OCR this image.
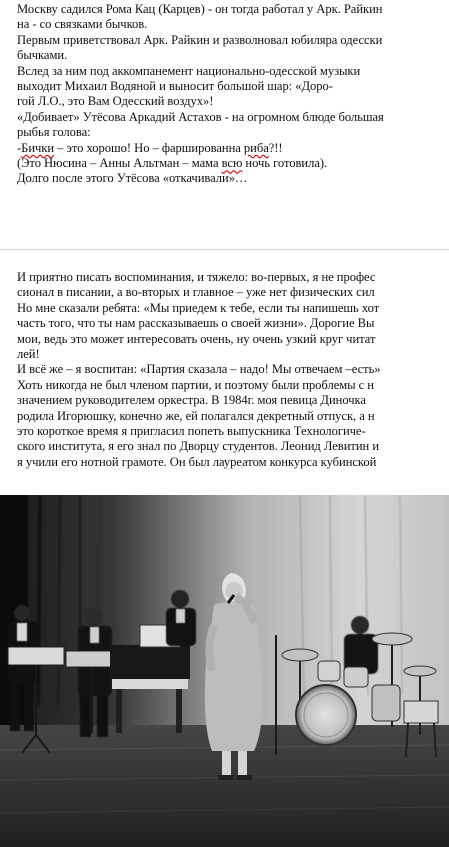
Москву садился Рома Кац (Карцев) - он тогда работал у Арк. Райкин
на - со связками бычков.
Первым приветствовал Арк. Райкин и разволновал юбиляра одесски
бычками.
Вслед за ним под аккомпанемент национально-одесской музыки
выходит Михаил Водяной и выносит большой шар: «Доро-
гой Л.О., это Вам Одесский воздух»!
«Добивает» Утёсова Аркадий Астахов - на огромном блюде большая
рыбья голова:
-Бички – это хорошо! Но – фаршированна риба?!!
(Это Нюсина – Анны Альтман – мама всю ночь готовила).
Долго после этого Утёсова «откачивали»…
И приятно писать воспоминания, и тяжело: во-первых, я не профес
сионал в писании, а во-вторых и главное – уже нет физических сил
Но мне сказали ребята: «Мы приедем к тебе, если ты напишешь хот
часть того, что ты нам рассказываешь о своей жизни». Дорогие Вы
мои, ведь это может интересовать очень, ну очень узкий круг читат
лей!
И всё же – я воспитан: «Партия сказала – надо! Мы отвечаем –есть»
Хоть никогда не был членом партии, и поэтому были проблемы с н
значением руководителем оркестра. В 1984г. моя певица Диночка
родила Игорюшку, конечно же, ей полагался декретный отпуск, а н
это короткое время я пригласил попеть выпускника Технологиче-
ского института, я его знал по Дворцу студентов. Леонид Левитин и
я учили его нотной грамоте. Он был лауреатом конкурса кубинской
